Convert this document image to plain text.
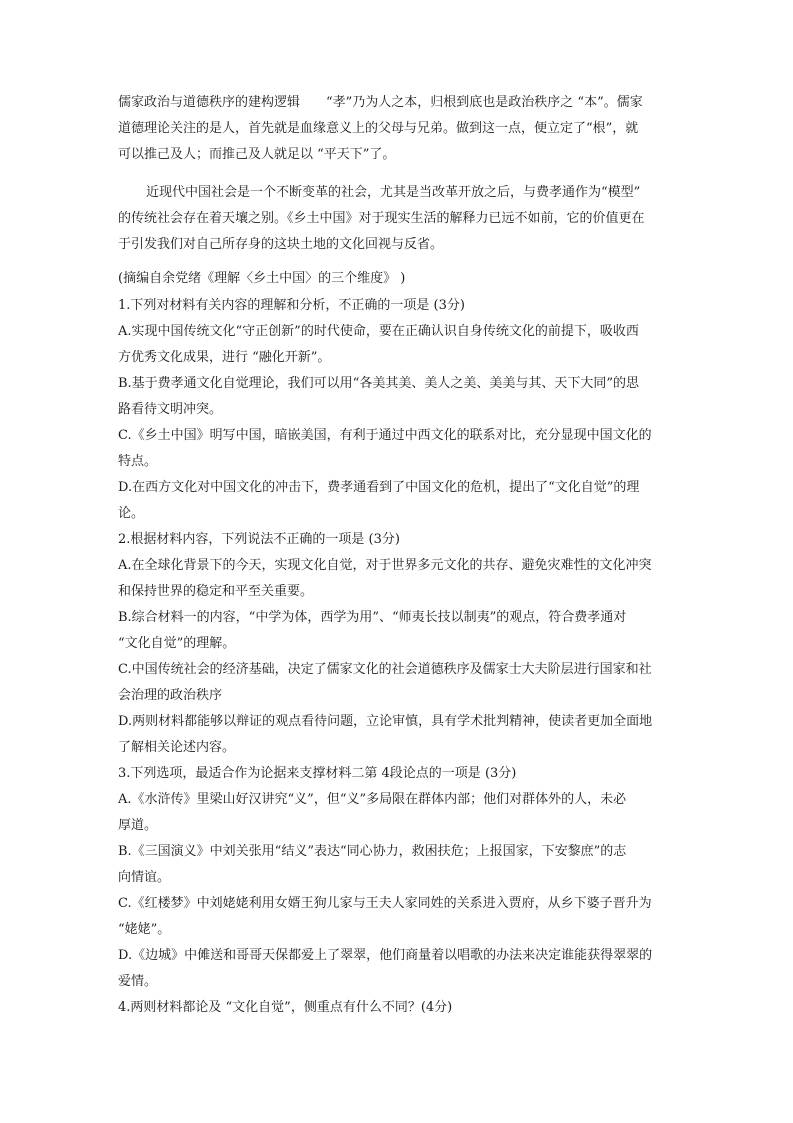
儒家政治与道德秩序的建构逻辑　　“孝”乃为人之本，归根到底也是政治秩序之 “本”。儒家
道德理论关注的是人，首先就是血缘意义上的父母与兄弟。做到这一点，便立定了“根”，就
可以推己及人；而推己及人就足以 “平天下”了。
近现代中国社会是一个不断变革的社会，尤其是当改革开放之后，与费孝通作为“模型”
的传统社会存在着天壤之别。《乡土中国》对于现实生活的解释力已远不如前，它的价值更在
于引发我们对自己所存身的这块土地的文化回视与反省。
(摘编自余党绪《理解〈乡土中国〉的三个维度》 )
1.下列对材料有关内容的理解和分析，不正确的一项是 (3分)
A.实现中国传统文化“守正创新”的时代使命，要在正确认识自身传统文化的前提下，吸收西
方优秀文化成果，进行 “融化开新”。
B.基于费孝通文化自觉理论，我们可以用“各美其美、美人之美、美美与其、天下大同”的思
路看待文明冲突。
C.《乡土中国》明写中国，暗嵌美国，有利于通过中西文化的联系对比，充分显现中国文化的
特点。
D.在西方文化对中国文化的冲击下，费孝通看到了中国文化的危机，提出了“文化自觉”的理
论。
2.根据材料内容，下列说法不正确的一项是 (3分)
A.在全球化背景下的今天，实现文化自觉，对于世界多元文化的共存、避免灾难性的文化冲突
和保持世界的稳定和平至关重要。
B.综合材料一的内容，“中学为体，西学为用”、“师夷长技以制夷”的观点，符合费孝通对
“文化自觉”的理解。
C.中国传统社会的经济基础，决定了儒家文化的社会道德秩序及儒家士大夫阶层进行国家和社
会治理的政治秩序
D.两则材料都能够以辩证的观点看待问题，立论审慎，具有学术批判精神，使读者更加全面地
了解相关论述内容。
3.下列选项，最适合作为论据来支撑材料二第 4段论点的一项是 (3分)
A.《水浒传》里梁山好汉讲究“义”，但“义”多局限在群体内部；他们对群体外的人，未必
厚道。
B.《三国演义》中刘关张用“结义”表达“同心协力，救困扶危；上报国家，下安黎庶”的志
向情谊。
C.《红楼梦》中刘姥姥利用女婿王狗儿家与王夫人家同姓的关系进入贾府，从乡下婆子晋升为
“姥姥”。
D.《边城》中傩送和哥哥天保都爱上了翠翠，他们商量着以唱歌的办法来决定谁能获得翠翠的
爱情。
4.两则材料都论及 “文化自觉”，侧重点有什么不同？(4分)
